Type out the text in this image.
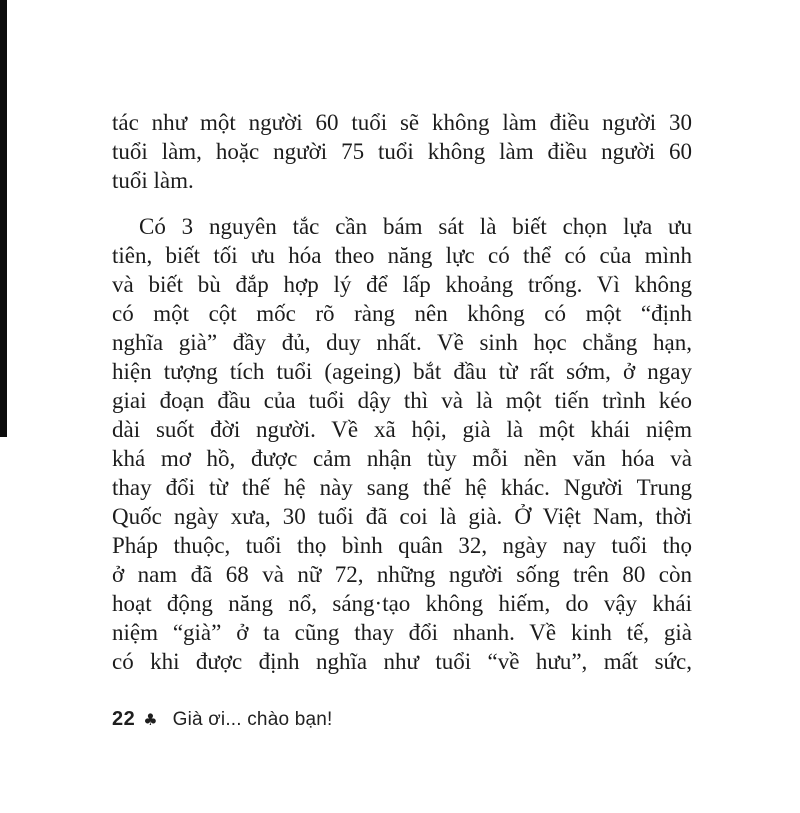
tác như một người 60 tuổi sẽ không làm điều người 30
tuổi làm, hoặc người 75 tuổi không làm điều người 60
tuổi làm.
Có 3 nguyên tắc cần bám sát là biết chọn lựa ưu
tiên, biết tối ưu hóa theo năng lực có thể có của mình
và biết bù đắp hợp lý để lấp khoảng trống. Vì không
có một cột mốc rõ ràng nên không có một “định
nghĩa già” đầy đủ, duy nhất. Về sinh học chẳng hạn,
hiện tượng tích tuổi (ageing) bắt đầu từ rất sớm, ở ngay
giai đoạn đầu của tuổi dậy thì và là một tiến trình kéo
dài suốt đời người. Về xã hội, già là một khái niệm
khá mơ hồ, được cảm nhận tùy mỗi nền văn hóa và
thay đổi từ thế hệ này sang thế hệ khác. Người Trung
Quốc ngày xưa, 30 tuổi đã coi là già. Ở Việt Nam, thời
Pháp thuộc, tuổi thọ bình quân 32, ngày nay tuổi thọ
ở nam đã 68 và nữ 72, những người sống trên 80 còn
hoạt động năng nổ, sáng·tạo không hiếm, do vậy khái
niệm “già” ở ta cũng thay đổi nhanh. Về kinh tế, già
có khi được định nghĩa như tuổi “về hưu”, mất sức,
22 ♣ Già ơi... chào bạn!
